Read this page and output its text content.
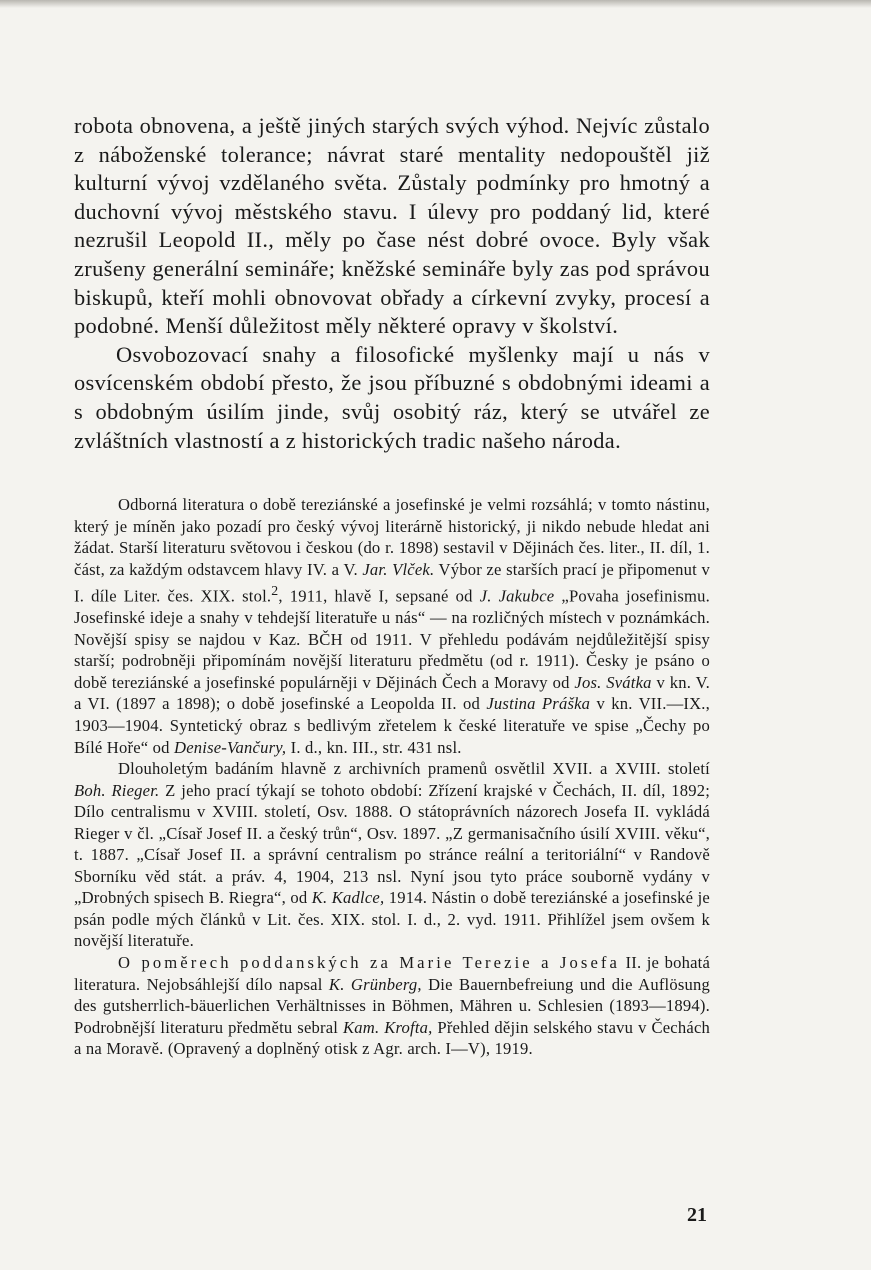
robota obnovena, a ještě jiných starých svých výhod. Nejvíc zůstalo z náboženské tolerance; návrat staré mentality nedopouštěl již kulturní vývoj vzdělaného světa. Zůstaly podmínky pro hmotný a duchovní vývoj městského stavu. I úlevy pro poddaný lid, které nezrušil Leopold II., měly po čase nést dobré ovoce. Byly však zrušeny generální semináře; kněžské semináře byly zas pod správou biskupů, kteří mohli obnovovat obřady a církevní zvyky, procesí a podobné. Menší důležitost měly některé opravy v školství.

Osvobozovací snahy a filosofické myšlenky mají u nás v osvícenském období přesto, že jsou příbuzné s obdobnými ideami a s obdobným úsilím jinde, svůj osobitý ráz, který se utvářel ze zvláštních vlastností a z historických tradic našeho národa.

Odborná literatura o době tereziánské a josefinské je velmi rozsáhlá; v tomto nástinu, který je míněn jako pozadí pro český vývoj literárně historický, ji nikdo nebude hledat ani žádat. Starší literaturu světovou i českou (do r. 1898) sestavil v Dějinách čes. liter., II. díl, 1. část, za každým odstavcem hlavy IV. a V. Jar. Vlček. Výbor ze starších prací je připomenut v I. díle Liter. čes. XIX. stol.$^2$, 1911, hlavě I, sepsané od J. Jakubce „Povaha josefinismu. Josefinské ideje a snahy v tehdejší literatuře u nás“ — na rozličných místech v poznámkách. Novější spisy se najdou v Kaz. BČH od 1911. V přehledu podávám nejdůležitější spisy starší; podrobněji připomínám novější literaturu předmětu (od r. 1911). Česky je psáno o době tereziánské a josefinské populárněji v Dějinách Čech a Moravy od Jos. Svátka v kn. V. a VI. (1897 a 1898); o době josefinské a Leopolda II. od Justina Práška v kn. VII.—IX., 1903—1904. Syntetický obraz s bedlivým zřetelem k české literatuře ve spise „Čechy po Bílé Hoře“ od Denise-Vančury, I. d., kn. III., str. 431 nsl.

Dlouholetým badáním hlavně z archivních pramenů osvětlil XVII. a XVIII. století Boh. Rieger. Z jeho prací týkají se tohoto období: Zřízení krajské v Čechách, II. díl, 1892; Dílo centralismu v XVIII. století, Osv. 1888. O státoprávních názorech Josefa II. vykládá Rieger v čl. „Císař Josef II. a český trůn“, Osv. 1897. „Z germanisačního úsilí XVIII. věku“, t. 1887. „Císař Josef II. a správní centralism po stránce reální a teritoriální“ v Randově Sborníku věd stát. a práv. 4, 1904, 213 nsl. Nyní jsou tyto práce souborně vydány v „Drobných spisech B. Riegra“, od K. Kadlce, 1914. Nástin o době tereziánské a josefinské je psán podle mých článků v Lit. čes. XIX. stol. I. d., 2. vyd. 1911. Přihlížel jsem ovšem k novější literatuře.

O poměrech poddanských za Marie Terezie a Josefa II. je bohatá literatura. Nejobsáhlejší dílo napsal K. Grünberg, Die Bauernbefreiung und die Auflösung des gutsherrlich-bäuerlichen Verhältnisses in Böhmen, Mähren u. Schlesien (1893—1894). Podrobnější literaturu předmětu sebral Kam. Krofta, Přehled dějin selského stavu v Čechách a na Moravě. (Opravený a doplněný otisk z Agr. arch. I—V), 1919.

21
